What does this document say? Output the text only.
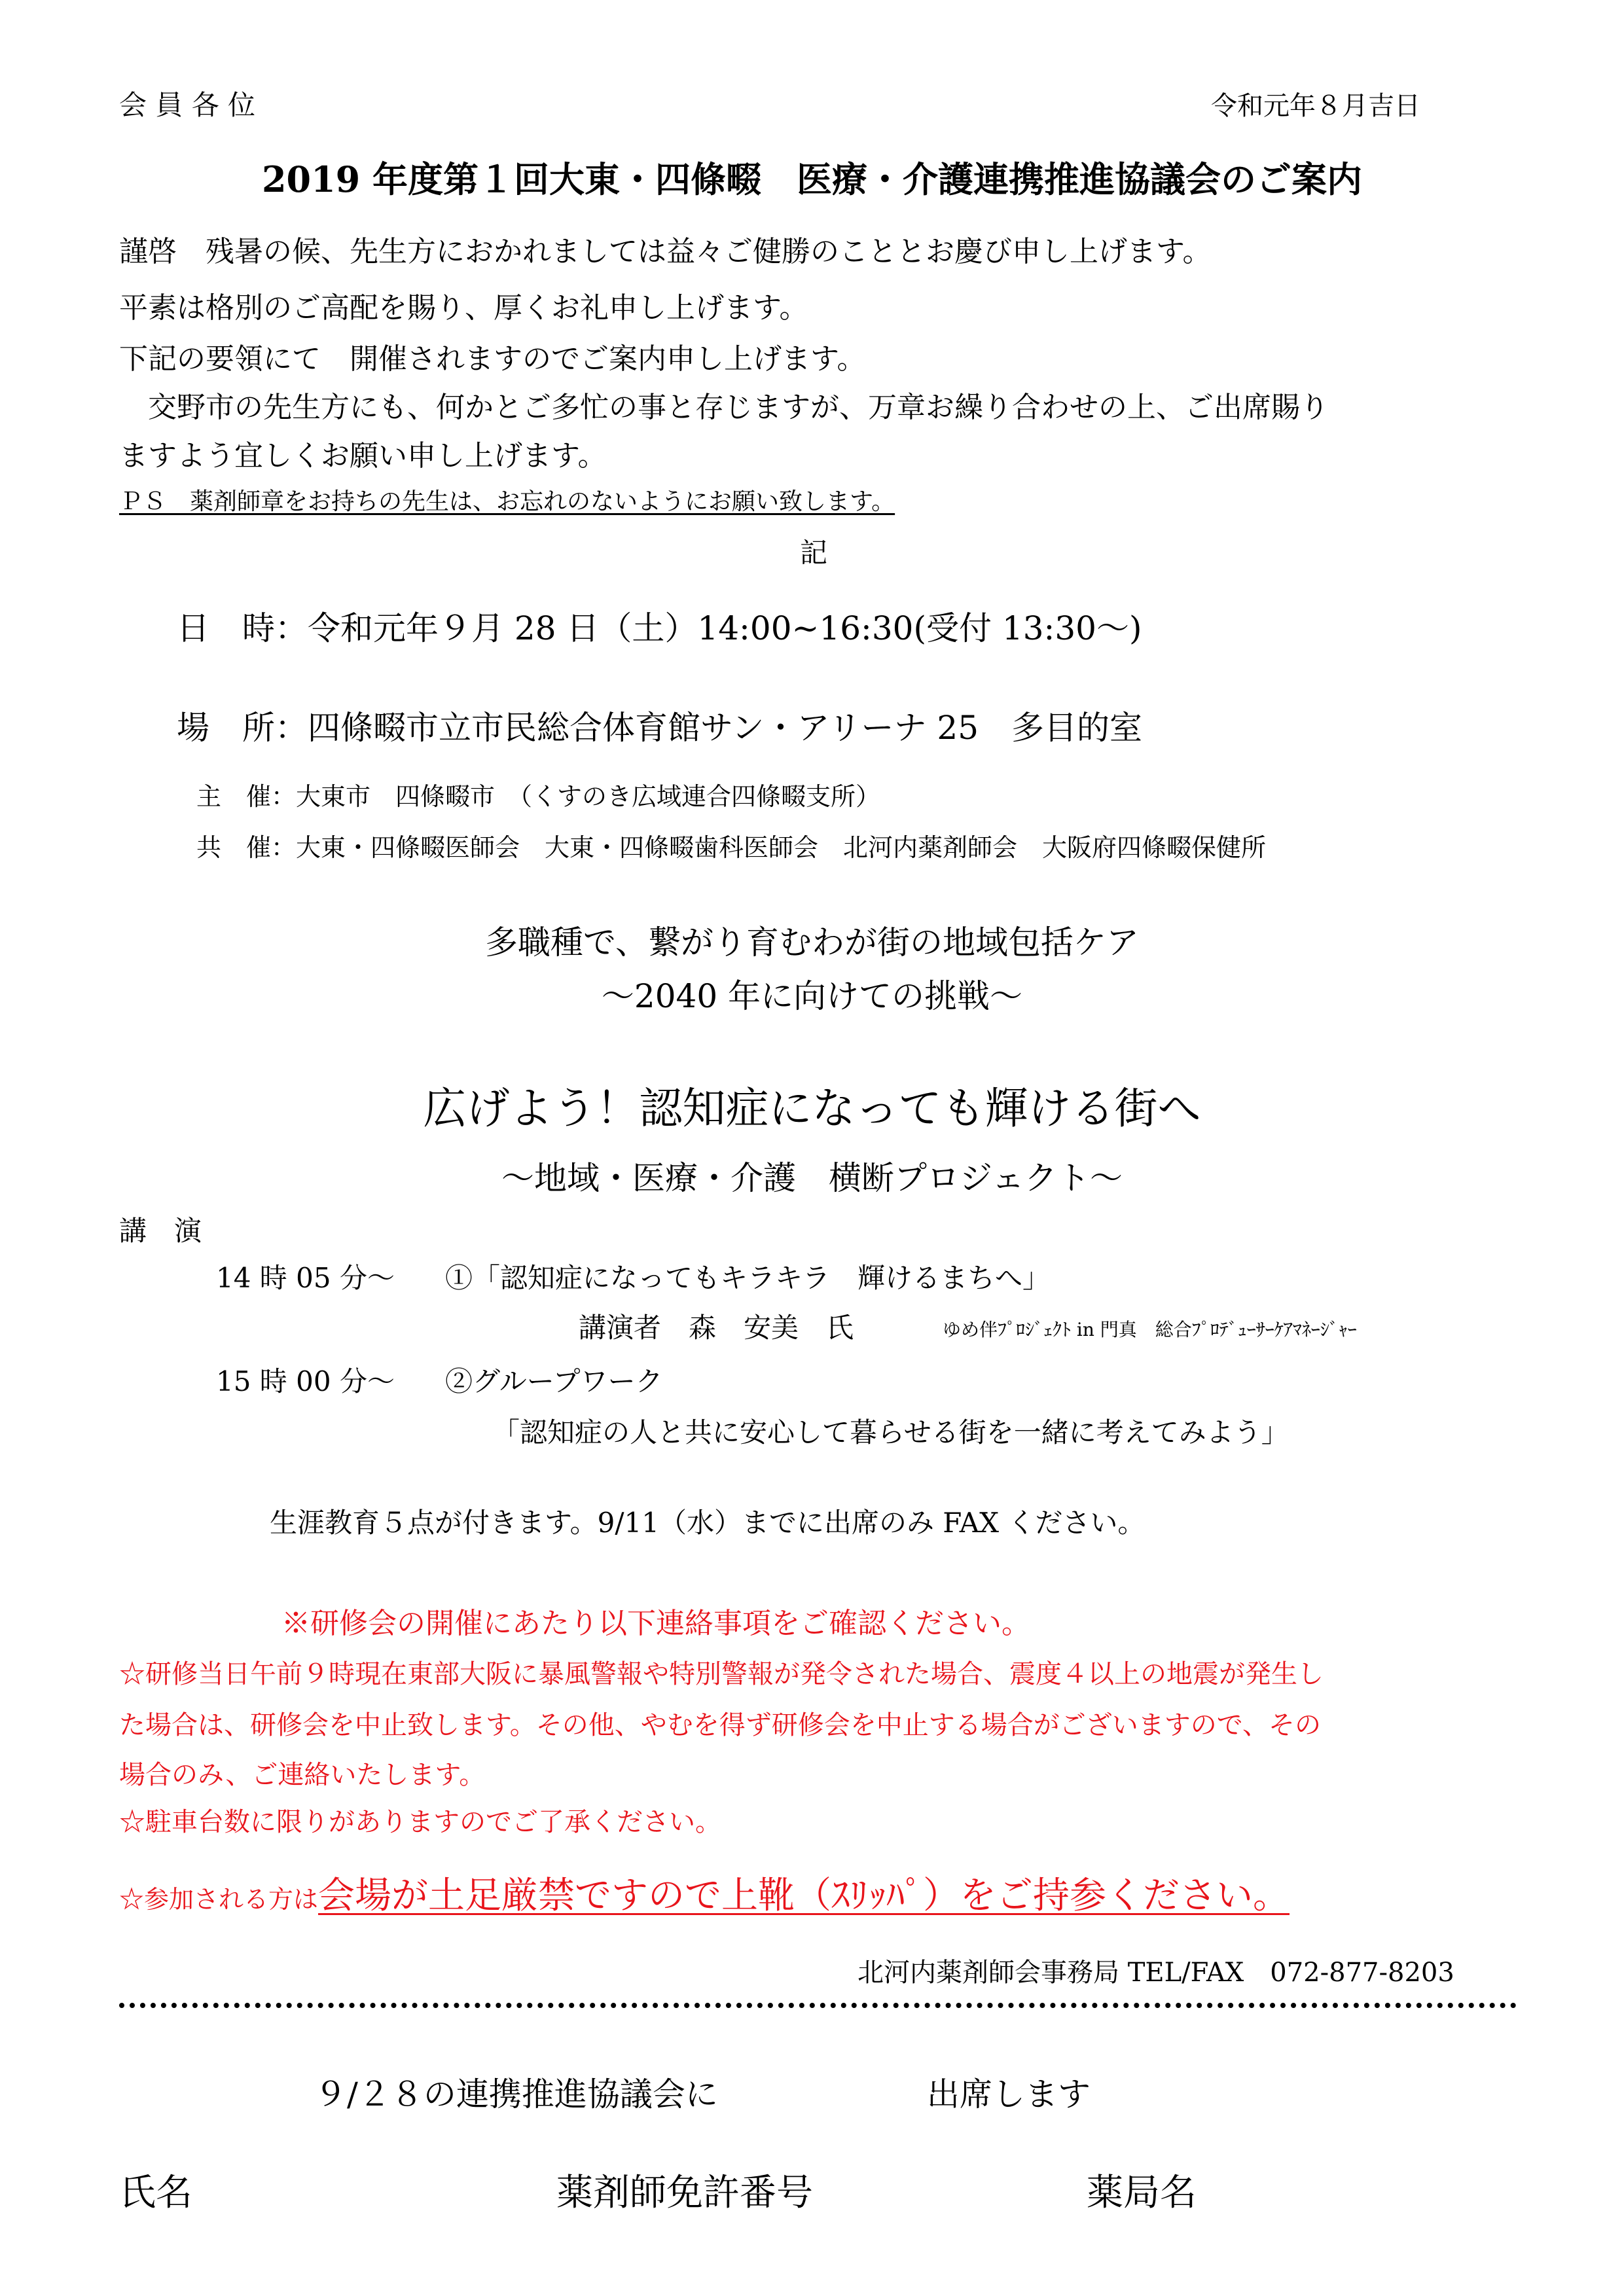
会 員 各 位	令和元年８月吉日
2019 年度第１回大東・四條畷　医療・介護連携推進協議会のご案内
謹啓　残暑の候、先生方におかれましては益々ご健勝のこととお慶び申し上げます。
平素は格別のご高配を賜り、厚くお礼申し上げます。
下記の要領にて　開催されますのでご案内申し上げます。
　交野市の先生方にも、何かとご多忙の事と存じますが、万章お繰り合わせの上、ご出席賜り
ますよう宜しくお願い申し上げます。
ＰＳ　薬剤師章をお持ちの先生は、お忘れのないようにお願い致します。
記
日　時：令和元年９月 28 日（土）14:00~16:30(受付 13:30～)
場　所：四條畷市立市民総合体育館サン・アリーナ 25　多目的室
主　催：大東市　四條畷市　（くすのき広域連合四條畷支所）
共　催：大東・四條畷医師会　大東・四條畷歯科医師会　北河内薬剤師会　大阪府四條畷保健所
多職種で、繋がり育むわが街の地域包括ケア
～2040 年に向けての挑戦～
広げよう！認知症になっても輝ける街へ
～地域・医療・介護　横断プロジェクト～
講　演
14 時 05 分～ ①「認知症になってもキラキラ　輝けるまちへ」
講演者　森　安美　氏	ゆめ伴ﾌﾟﾛｼﾞｪｸﾄ in 門真　総合ﾌﾟﾛﾃﾞｭｰｻｰｹｱﾏﾈｰｼﾞｬｰ
15 時 00 分～ ②グループワーク
「認知症の人と共に安心して暮らせる街を一緒に考えてみよう」
生涯教育５点が付きます。9/11（水）までに出席のみ FAX ください。
※研修会の開催にあたり以下連絡事項をご確認ください。
☆研修当日午前９時現在東部大阪に暴風警報や特別警報が発令された場合、震度４以上の地震が発生し
た場合は、研修会を中止致します。その他、やむを得ず研修会を中止する場合がございますので、その
場合のみ、ご連絡いたします。
☆駐車台数に限りがありますのでご了承ください。
☆参加される方は会場が土足厳禁ですので上靴（ｽﾘｯﾊﾟ）をご持参ください。
北河内薬剤師会事務局 TEL/FAX　072-877-8203
９/２８の連携推進協議会に	出席します
氏名	薬剤師免許番号	薬局名
